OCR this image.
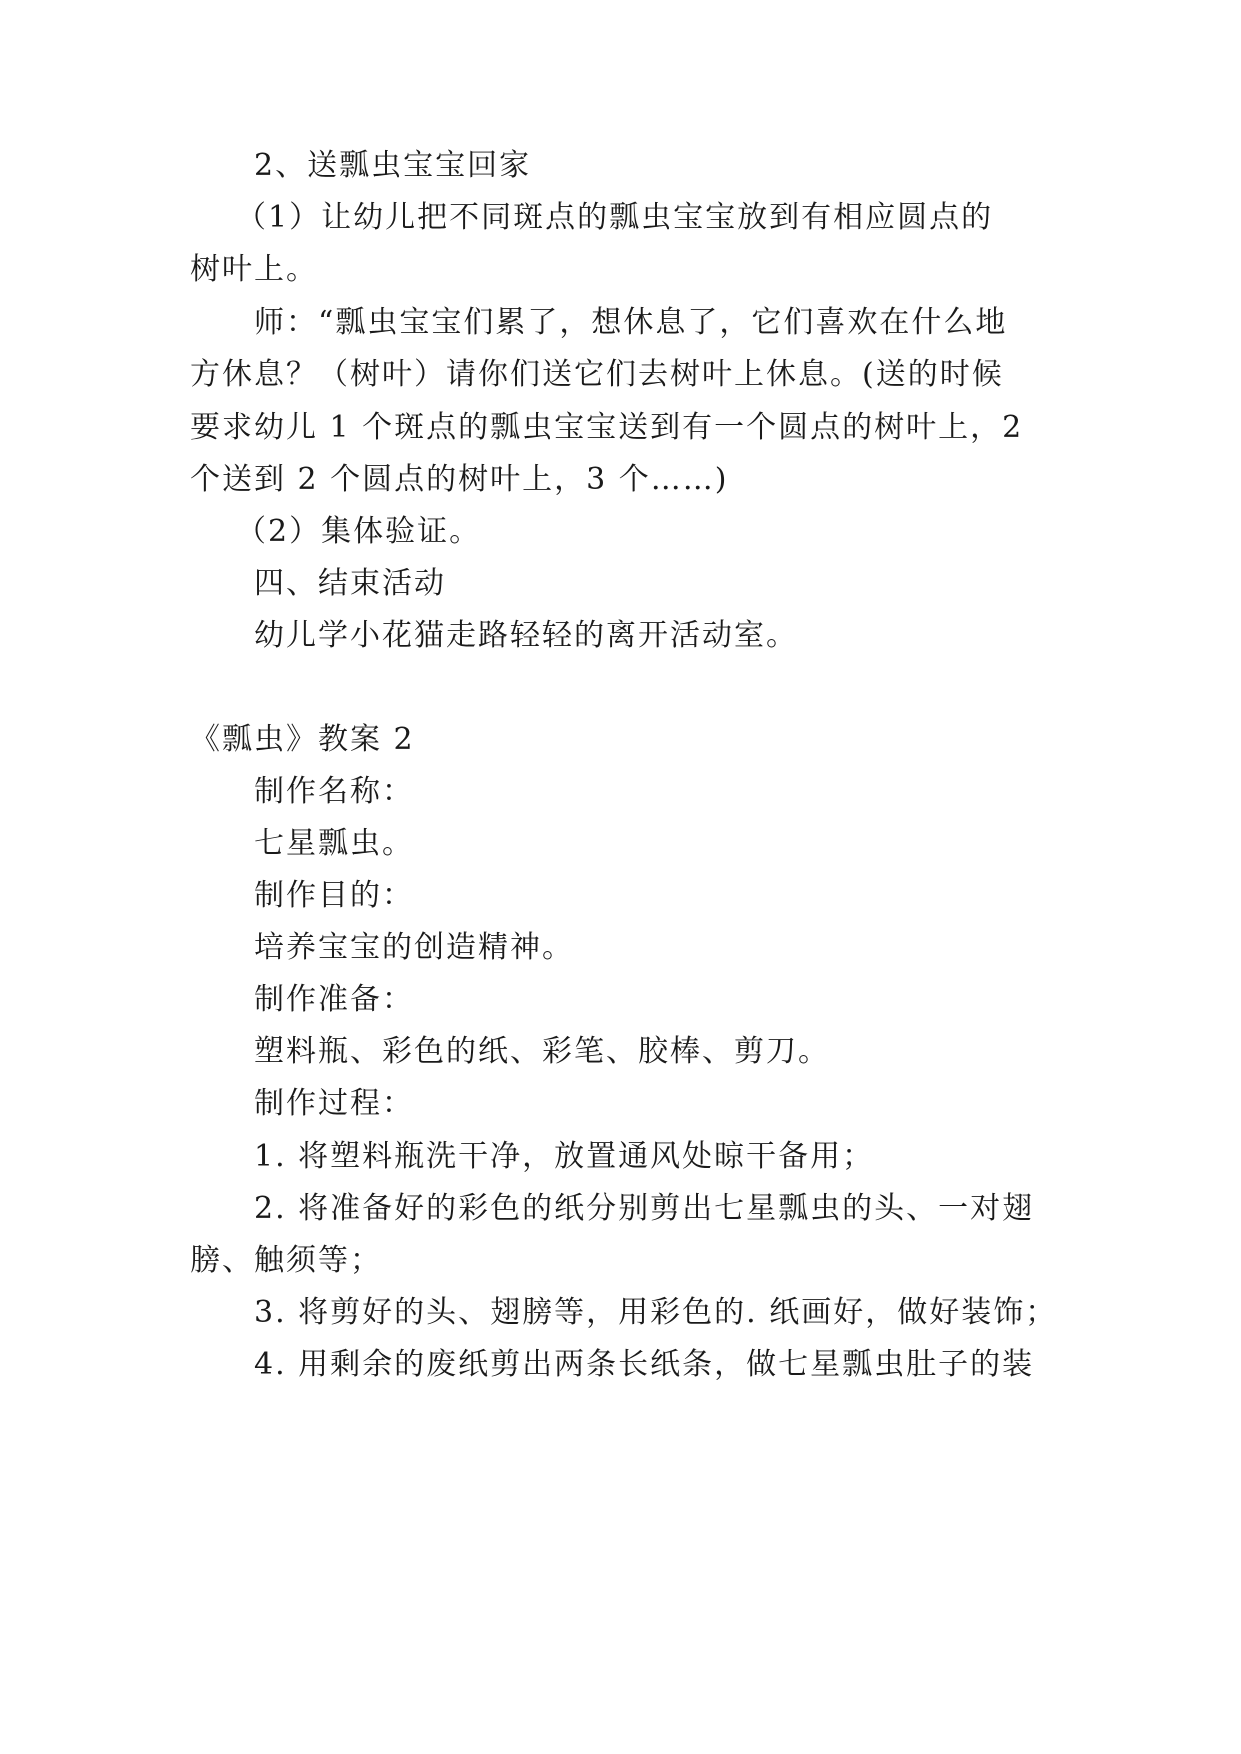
2、送瓢虫宝宝回家
（1）让幼儿把不同斑点的瓢虫宝宝放到有相应圆点的
树叶上。
师：“瓢虫宝宝们累了，想休息了，它们喜欢在什么地
方休息？（树叶）请你们送它们去树叶上休息。(送的时候
要求幼儿 1 个斑点的瓢虫宝宝送到有一个圆点的树叶上，2
个送到 2 个圆点的树叶上，3 个……)
（2）集体验证。
四、结束活动
幼儿学小花猫走路轻轻的离开活动室。
《瓢虫》教案 2
制作名称：
七星瓢虫。
制作目的：
培养宝宝的创造精神。
制作准备：
塑料瓶、彩色的纸、彩笔、胶棒、剪刀。
制作过程：
1. 将塑料瓶洗干净，放置通风处晾干备用；
2. 将准备好的彩色的纸分别剪出七星瓢虫的头、一对翅
膀、触须等；
3. 将剪好的头、翅膀等，用彩色的. 纸画好，做好装饰；
4. 用剩余的废纸剪出两条长纸条，做七星瓢虫肚子的装
